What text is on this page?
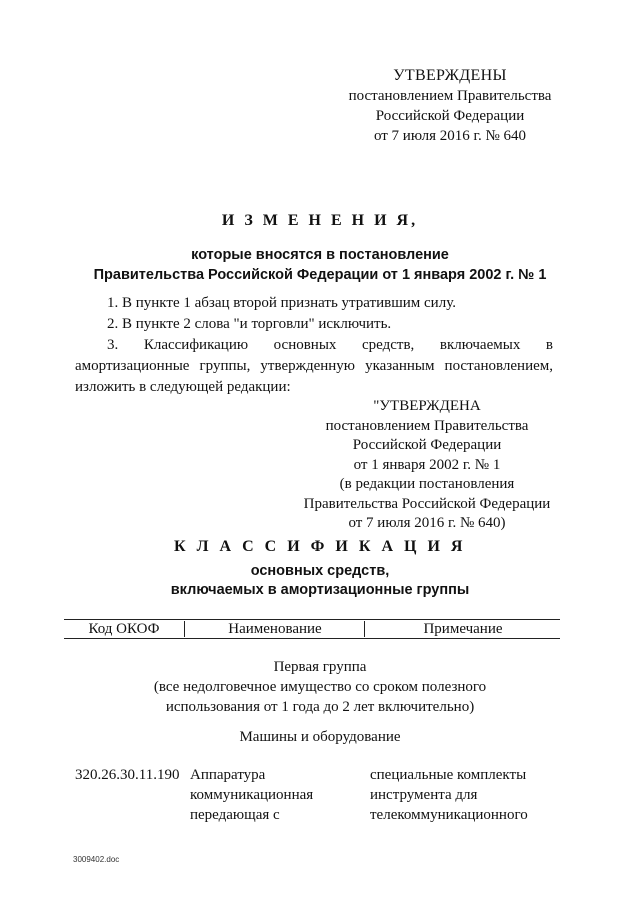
УТВЕРЖДЕНЫ
постановлением Правительства
Российской Федерации
от 7 июля 2016 г. № 640
И З М Е Н Е Н И Я,
которые вносятся в постановление
Правительства Российской Федерации от 1 января 2002 г. № 1

1. В пункте 1 абзац второй признать утратившим силу.

2. В пункте 2 слова "и торговли" исключить.

3. Классификацию основных средств, включаемых в амортизационные группы, утвержденную указанным постановлением, изложить в следующей редакции:

"УТВЕРЖДЕНА
постановлением Правительства
Российской Федерации
от 1 января 2002 г. № 1
(в редакции постановления
Правительства Российской Федерации
от 7 июля 2016 г. № 640)
К Л А С С И Ф И К А Ц И Я
основных средств,
включаемых в амортизационные группы
Код ОКОФ	Наименование	Примечание
Первая группа
(все недолговечное имущество со сроком полезного
использования от 1 года до 2 лет включительно)
Машины и оборудование
320.26.30.11.190 Аппаратура
коммуникационная
передающая с
специальные комплекты
инструмента для
телекоммуникационного
3009402.doc
